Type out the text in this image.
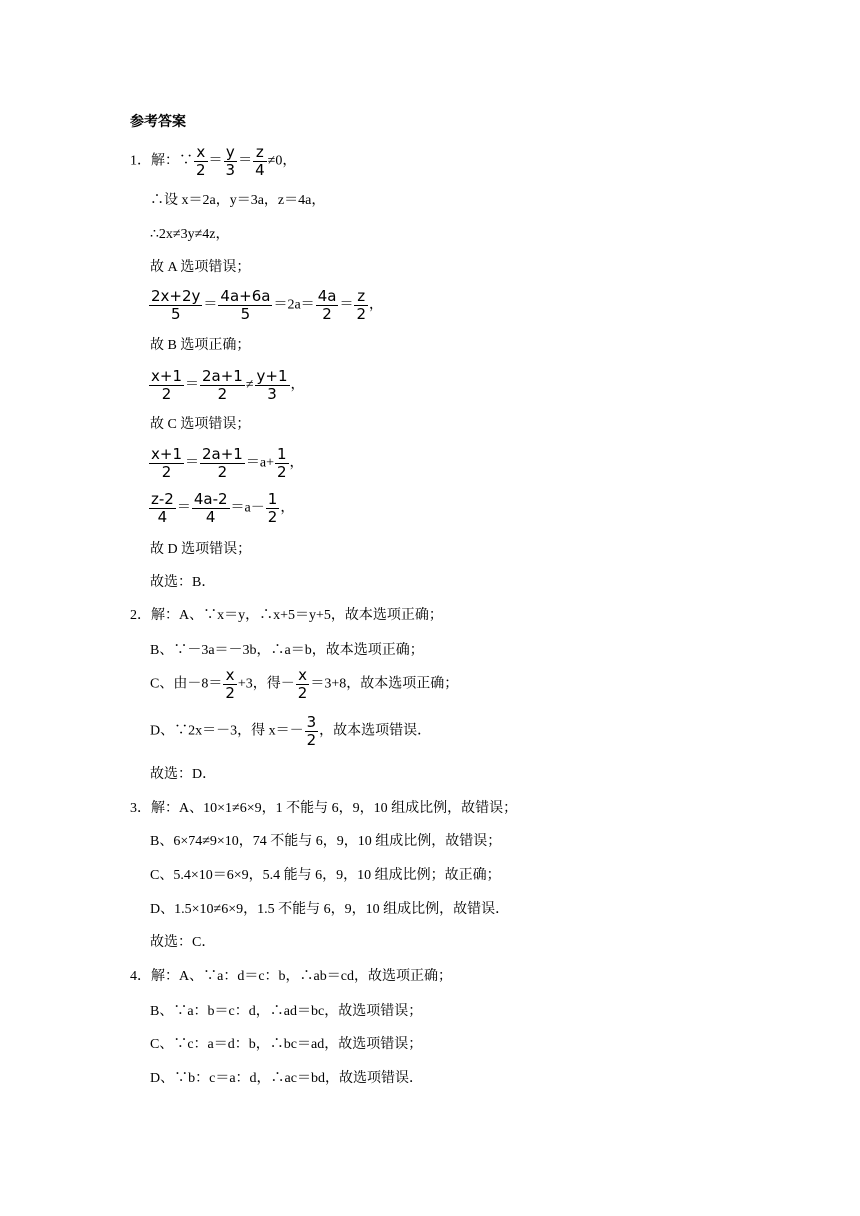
参考答案
1．解：∵ $\frac{x}{2} = \frac{y}{3} = \frac{z}{4} \ne 0$，
∴设 x＝2a，y＝3a，z＝4a，
∴2x≠3y≠4z，
故 A 选项错误；
$\frac{2x+2y}{5} = \frac{4a+6a}{5} =2a= \frac{4a}{2} = \frac{z}{2}$ ，
故 B 选项正确；
$\frac{x+1}{2} = \frac{2a+1}{2} \ne \frac{y+1}{3}$ ，
故 C 选项错误；
$\frac{x+1}{2} = \frac{2a+1}{2} =a+ \frac{1}{2}$ ，
$\frac{z-2}{4} = \frac{4a-2}{4} =a- \frac{1}{2}$ ，
故 D 选项错误；
故选：B．
2．解：A、∵x＝y，∴x+5＝y+5，故本选项正确；
B、∵－3a＝－3b，∴a＝b，故本选项正确；
C、由$-8= \frac{x}{2} +3$，得－ $\frac{x}{2} =3+8$，故本选项正确；
D、∵2x＝－3，得 $x=- \frac{3}{2}$ ，故本选项错误．
故选：D．
3．解：A、10×1≠6×9，1 不能与 6，9，10 组成比例，故错误；
B、6×74≠9×10，74 不能与 6，9，10 组成比例，故错误；
C、5.4×10＝6×9，5.4 能与 6，9，10 组成比例；故正确；
D、1.5×10≠6×9，1.5 不能与 6，9，10 组成比例，故错误．
故选：C．
4．解：A、∵a：d＝c：b，∴ab＝cd，故选项正确；
B、∵a：b＝c：d，∴ad＝bc，故选项错误；
C、∵c：a＝d：b，∴bc＝ad，故选项错误；
D、∵b：c＝a：d，∴ac＝bd，故选项错误．
